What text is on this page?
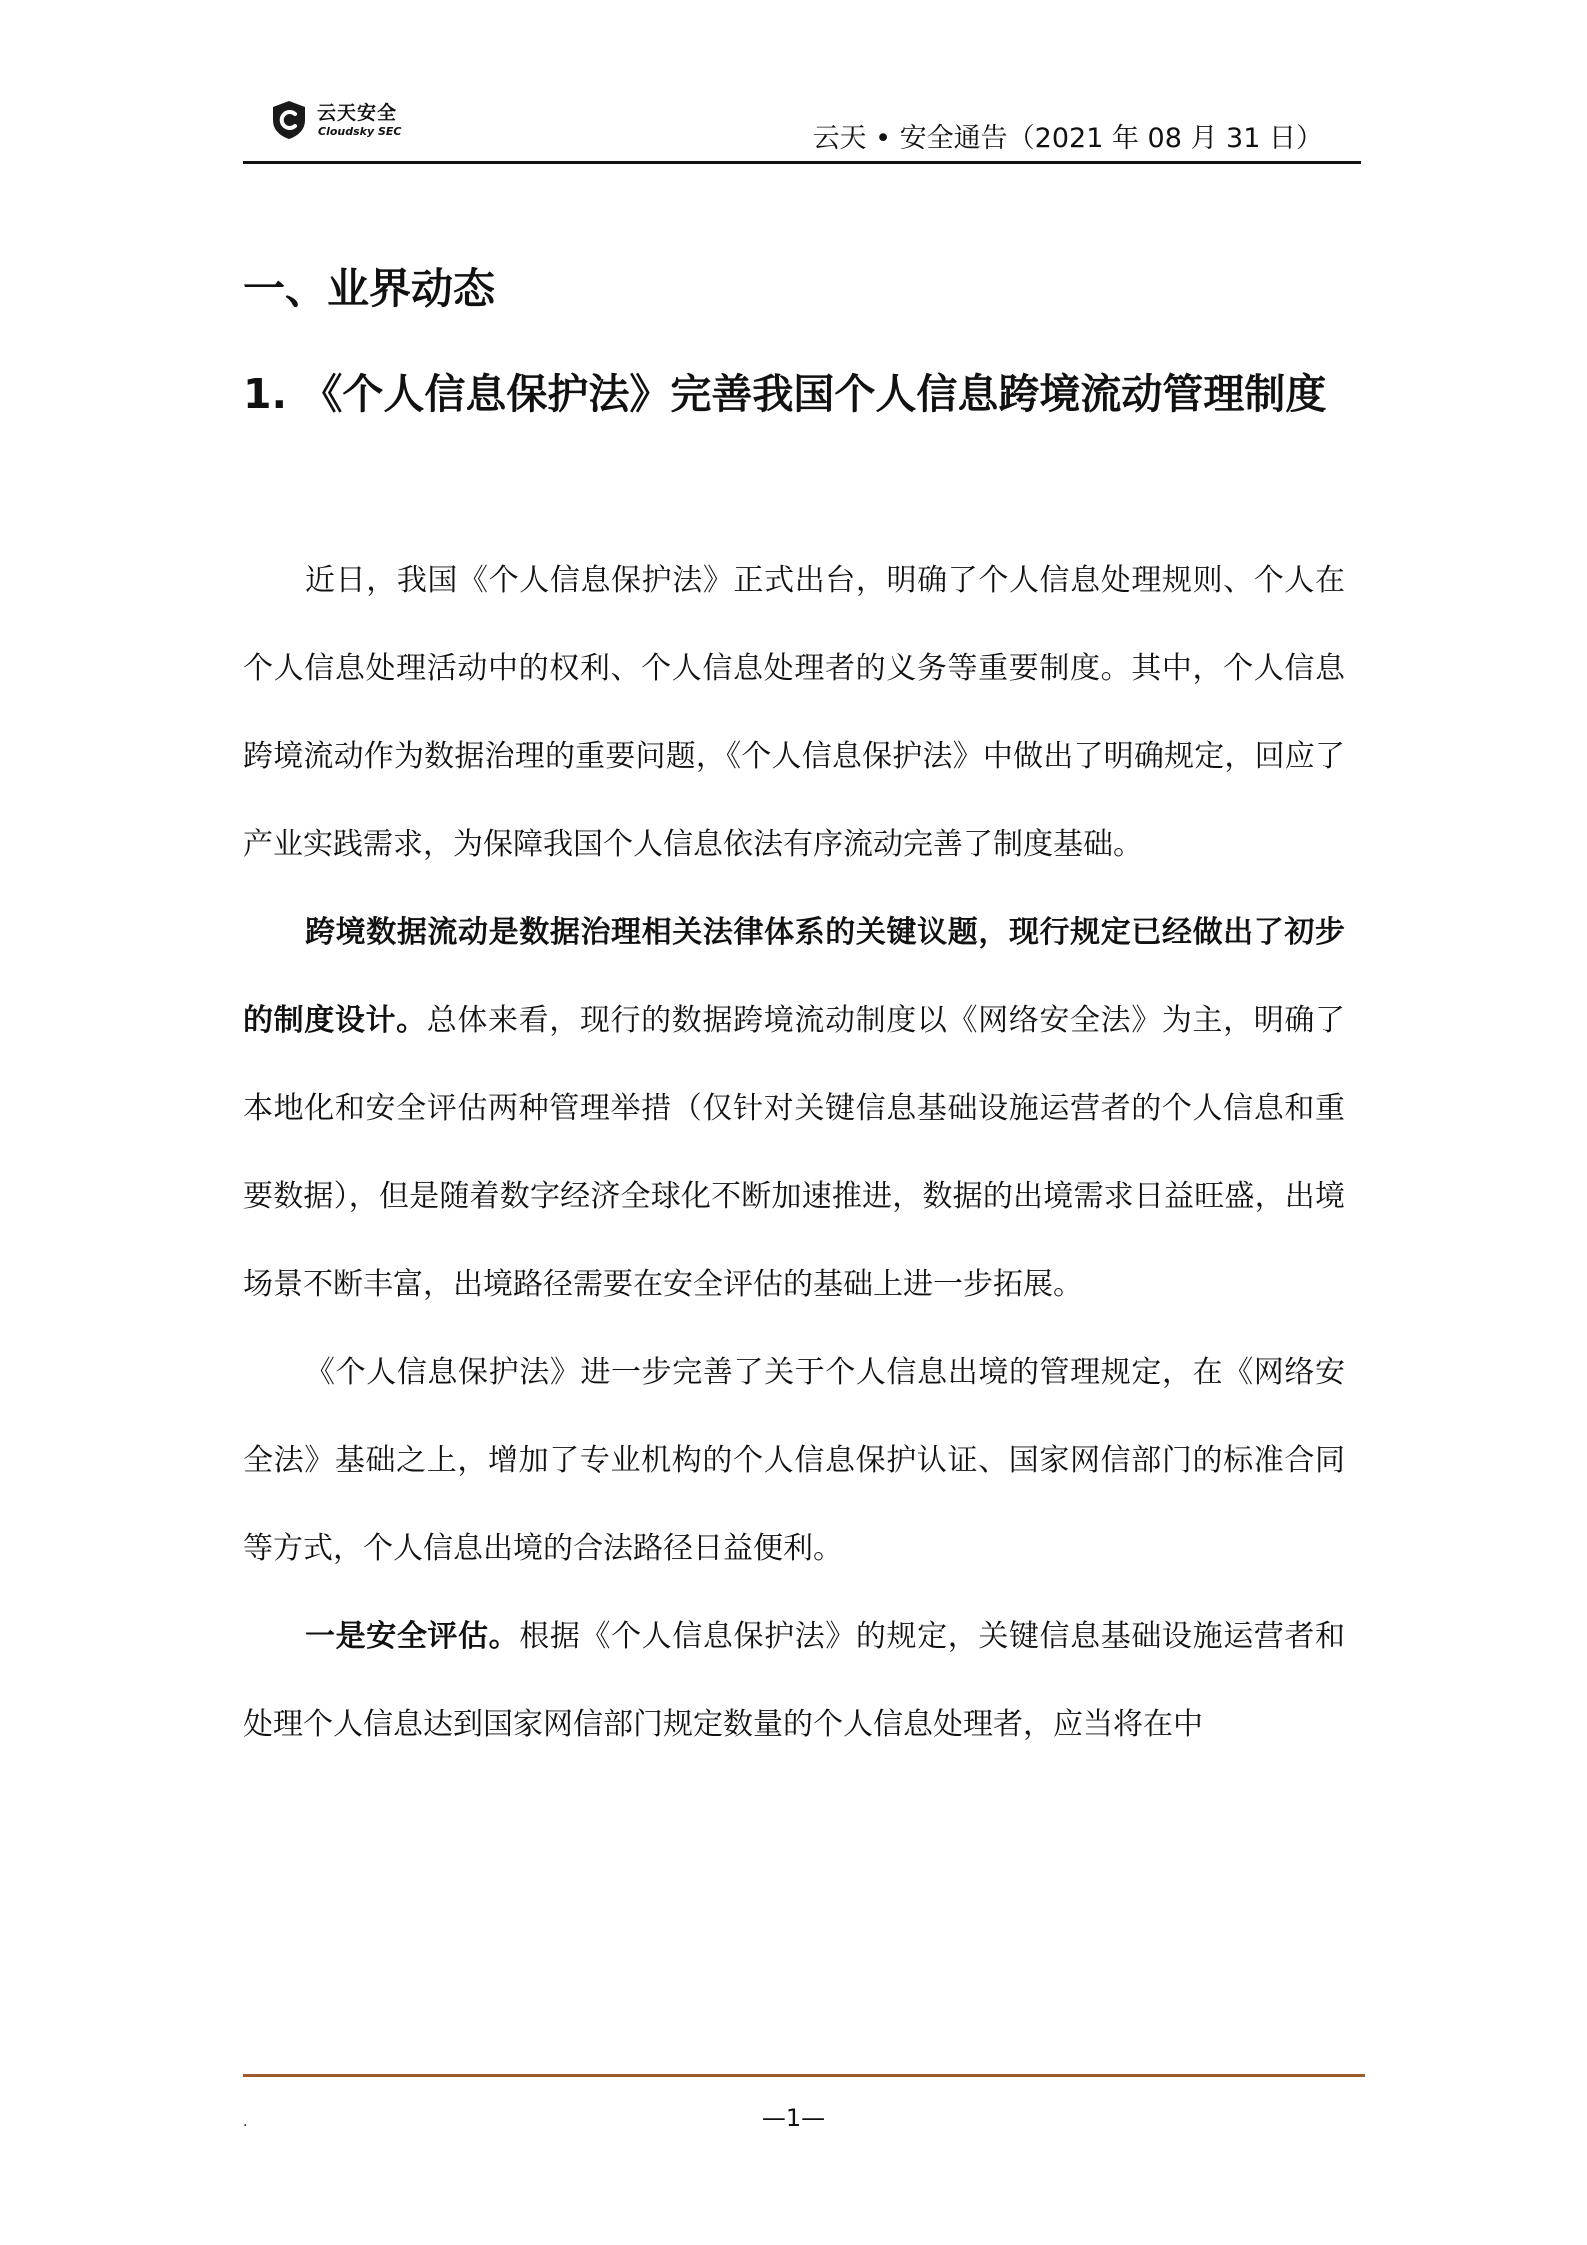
云天安全
Cloudsky SEC	云天 • 安全通告（2021 年 08 月 31 日）
一、业界动态
1. 《个人信息保护法》完善我国个人信息跨境流动管理制度

近日，我国《个人信息保护法》正式出台，明确了个人信息处理规则、个人在个人信息处理活动中的权利、个人信息处理者的义务等重要制度。其中，个人信息跨境流动作为数据治理的重要问题，《个人信息保护法》中做出了明确规定，回应了产业实践需求，为保障我国个人信息依法有序流动完善了制度基础。

跨境数据流动是数据治理相关法律体系的关键议题，现行规定已经做出了初步的制度设计。总体来看，现行的数据跨境流动制度以《网络安全法》为主，明确了本地化和安全评估两种管理举措（仅针对关键信息基础设施运营者的个人信息和重要数据），但是随着数字经济全球化不断加速推进，数据的出境需求日益旺盛，出境场景不断丰富，出境路径需要在安全评估的基础上进一步拓展。

《个人信息保护法》进一步完善了关于个人信息出境的管理规定，在《网络安全法》基础之上，增加了专业机构的个人信息保护认证、国家网信部门的标准合同等方式，个人信息出境的合法路径日益便利。

一是安全评估。根据《个人信息保护法》的规定，关键信息基础设施运营者和处理个人信息达到国家网信部门规定数量的个人信息处理者，应当将在中

.	—1—
